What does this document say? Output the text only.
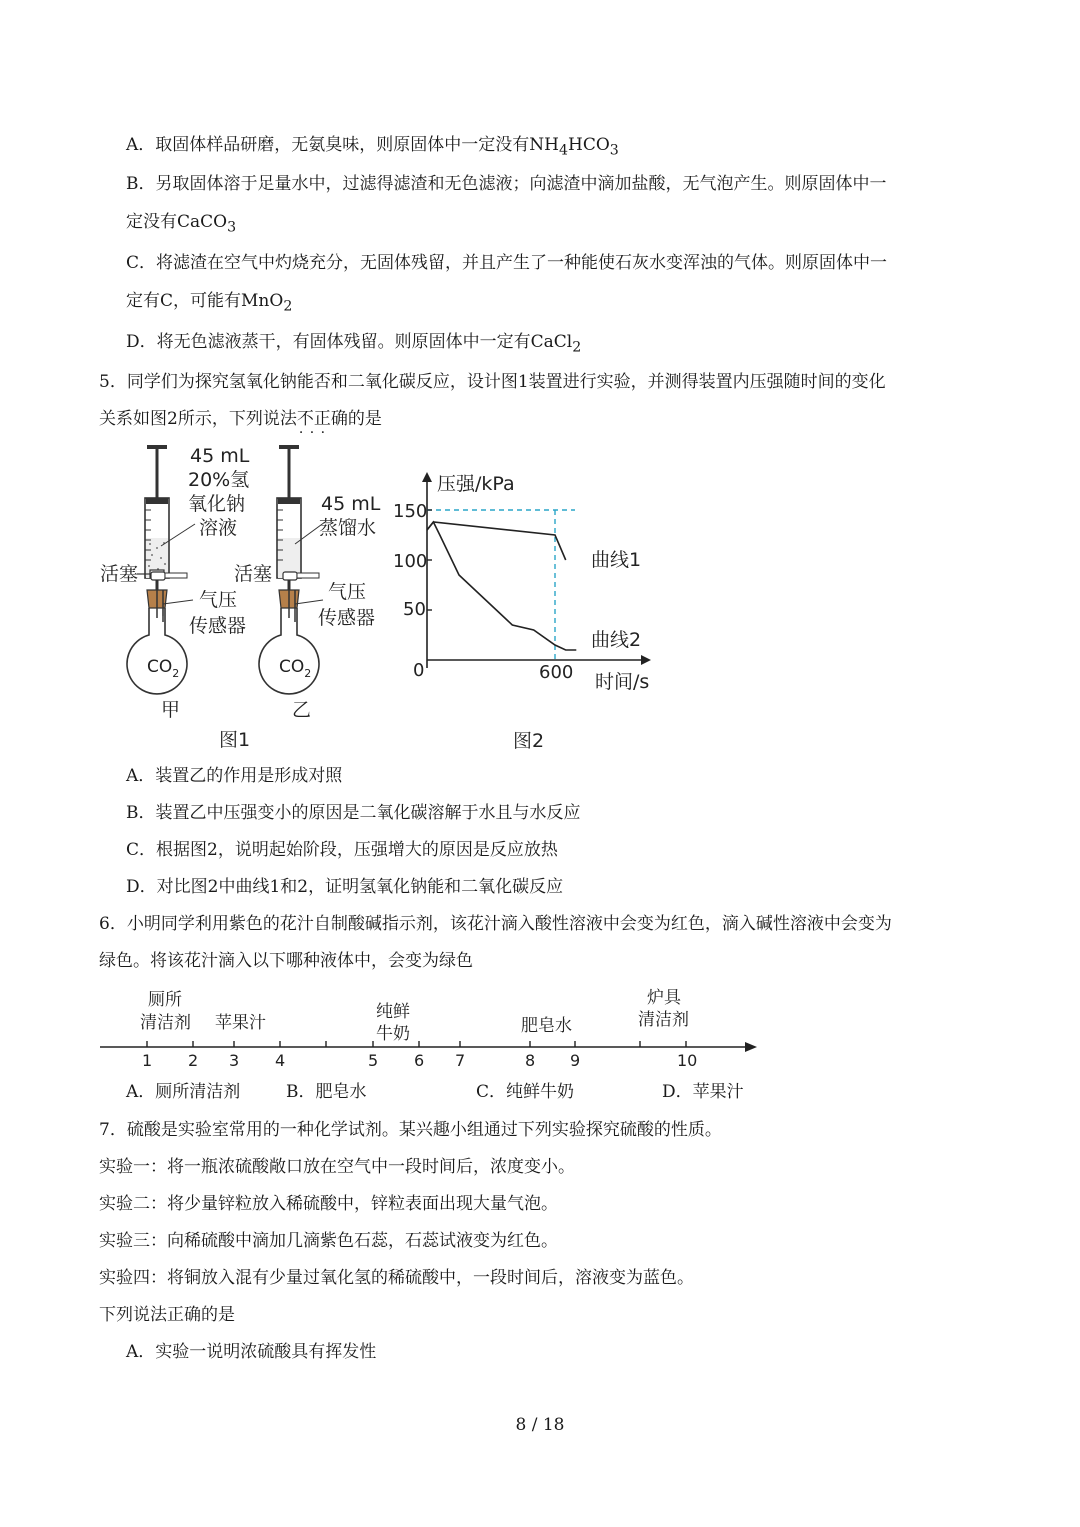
A．取固体样品研磨，无氨臭味，则原固体中一定没有$NH_4HCO_3$
B．另取固体溶于足量水中，过滤得滤渣和无色滤液；向滤渣中滴加盐酸，无气泡产生。则原固体中一
定没有CaCO$_3$
C．将滤渣在空气中灼烧充分，无固体残留，并且产生了一种能使石灰水变浑浊的气体。则原固体中一
定有C，可能有MnO$_2$
D．将无色滤液蒸干，有固体残留。则原固体中一定有CaCl$_2$
5．同学们为探究氢氧化钠能否和二氧化碳反应，设计图1装置进行实验，并测得装置内压强随时间的变化
关系如图2所示，下列说法不正确 · · ·的是
45 mL
20%氢
氧化钠
溶液
45 mL
蒸馏水
活塞	活塞
气压
传感器
气压
传感器
$CO_2$	$CO_2$
甲	乙
图1
压强/kPa
时间/s
150
100
50
0	600
曲线1
曲线2
图2
A．装置乙的作用是形成对照
B．装置乙中压强变小的原因是二氧化碳溶解于水且与水反应
C．根据图2，说明起始阶段，压强增大的原因是反应放热
D．对比图2中曲线1和2，证明氢氧化钠能和二氧化碳反应
6．小明同学利用紫色的花汁自制酸碱指示剂，该花汁滴入酸性溶液中会变为红色，滴入碱性溶液中会变为
绿色。将该花汁滴入以下哪种液体中，会变为绿色
1 2 3 4	5 6 7	8 9	10
厕所
清洁剂 苹果汁
纯鲜
牛奶	肥皂水
炉具
清洁剂
A．厕所清洁剂	B．肥皂水	C．纯鲜牛奶	D．苹果汁
7．硫酸是实验室常用的一种化学试剂。某兴趣小组通过下列实验探究硫酸的性质。
实验一：将一瓶浓硫酸敞口放在空气中一段时间后，浓度变小。
实验二：将少量锌粒放入稀硫酸中，锌粒表面出现大量气泡。
实验三：向稀硫酸中滴加几滴紫色石蕊，石蕊试液变为红色。
实验四：将铜放入混有少量过氧化氢的稀硫酸中，一段时间后，溶液变为蓝色。
下列说法正确的是
A．实验一说明浓硫酸具有挥发性
8 / 18
